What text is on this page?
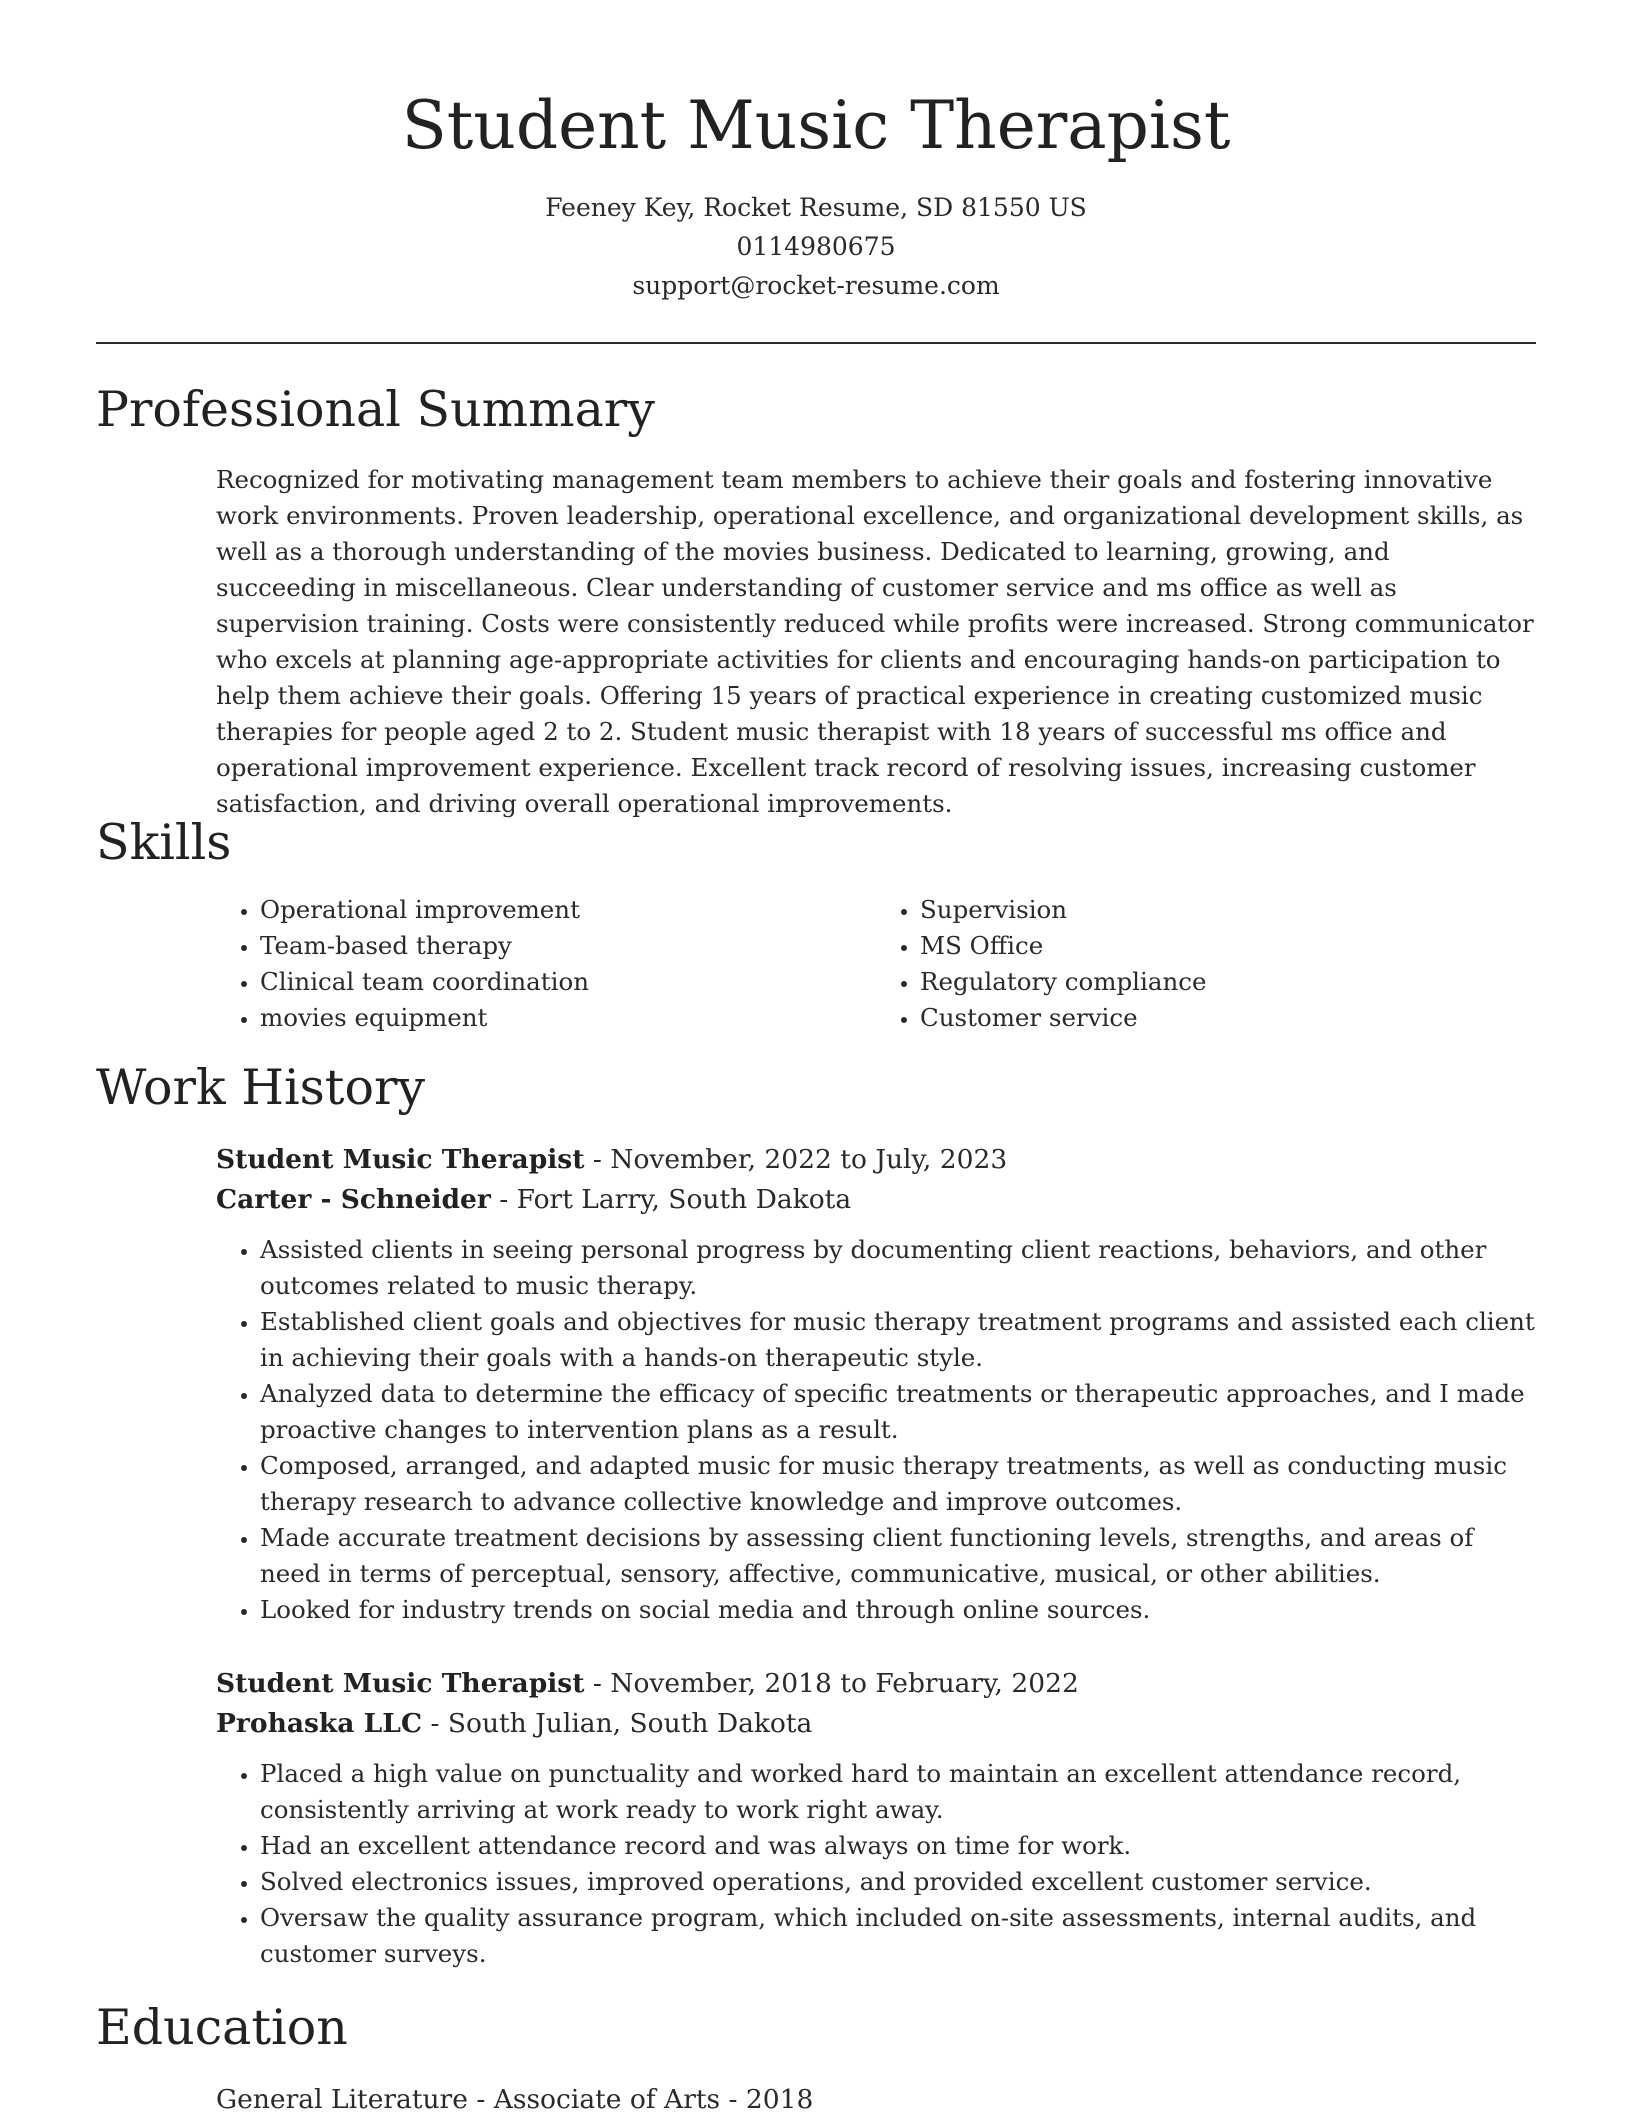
Student Music Therapist
Feeney Key, Rocket Resume, SD 81550 US
0114980675
support@rocket-resume.com
Professional Summary

Recognized for motivating management team members to achieve their goals and fostering innovative work environments. Proven leadership, operational excellence, and organizational development skills, as well as a thorough understanding of the movies business. Dedicated to learning, growing, and succeeding in miscellaneous. Clear understanding of customer service and ms office as well as supervision training. Costs were consistently reduced while profits were increased. Strong communicator who excels at planning age-appropriate activities for clients and encouraging hands-on participation to help them achieve their goals. Offering 15 years of practical experience in creating customized music therapies for people aged 2 to 2. Student music therapist with 18 years of successful ms office and operational improvement experience. Excellent track record of resolving issues, increasing customer satisfaction, and driving overall operational improvements.

Skills
• Operational improvement
• Team-based therapy
• Clinical team coordination
• movies equipment
• Supervision
• MS Office
• Regulatory compliance
• Customer service
Work History
Student Music Therapist - November, 2022 to July, 2023
Carter - Schneider - Fort Larry, South Dakota
• Assisted clients in seeing personal progress by documenting client reactions, behaviors, and other outcomes related to music therapy.
• Established client goals and objectives for music therapy treatment programs and assisted each client in achieving their goals with a hands-on therapeutic style.
• Analyzed data to determine the efficacy of specific treatments or therapeutic approaches, and I made proactive changes to intervention plans as a result.
• Composed, arranged, and adapted music for music therapy treatments, as well as conducting music therapy research to advance collective knowledge and improve outcomes.
• Made accurate treatment decisions by assessing client functioning levels, strengths, and areas of need in terms of perceptual, sensory, affective, communicative, musical, or other abilities.
• Looked for industry trends on social media and through online sources.
Student Music Therapist - November, 2018 to February, 2022
Prohaska LLC - South Julian, South Dakota
• Placed a high value on punctuality and worked hard to maintain an excellent attendance record, consistently arriving at work ready to work right away.
• Had an excellent attendance record and was always on time for work.
• Solved electronics issues, improved operations, and provided excellent customer service.
• Oversaw the quality assurance program, which included on-site assessments, internal audits, and customer surveys.
Education
General Literature - Associate of Arts - 2018
